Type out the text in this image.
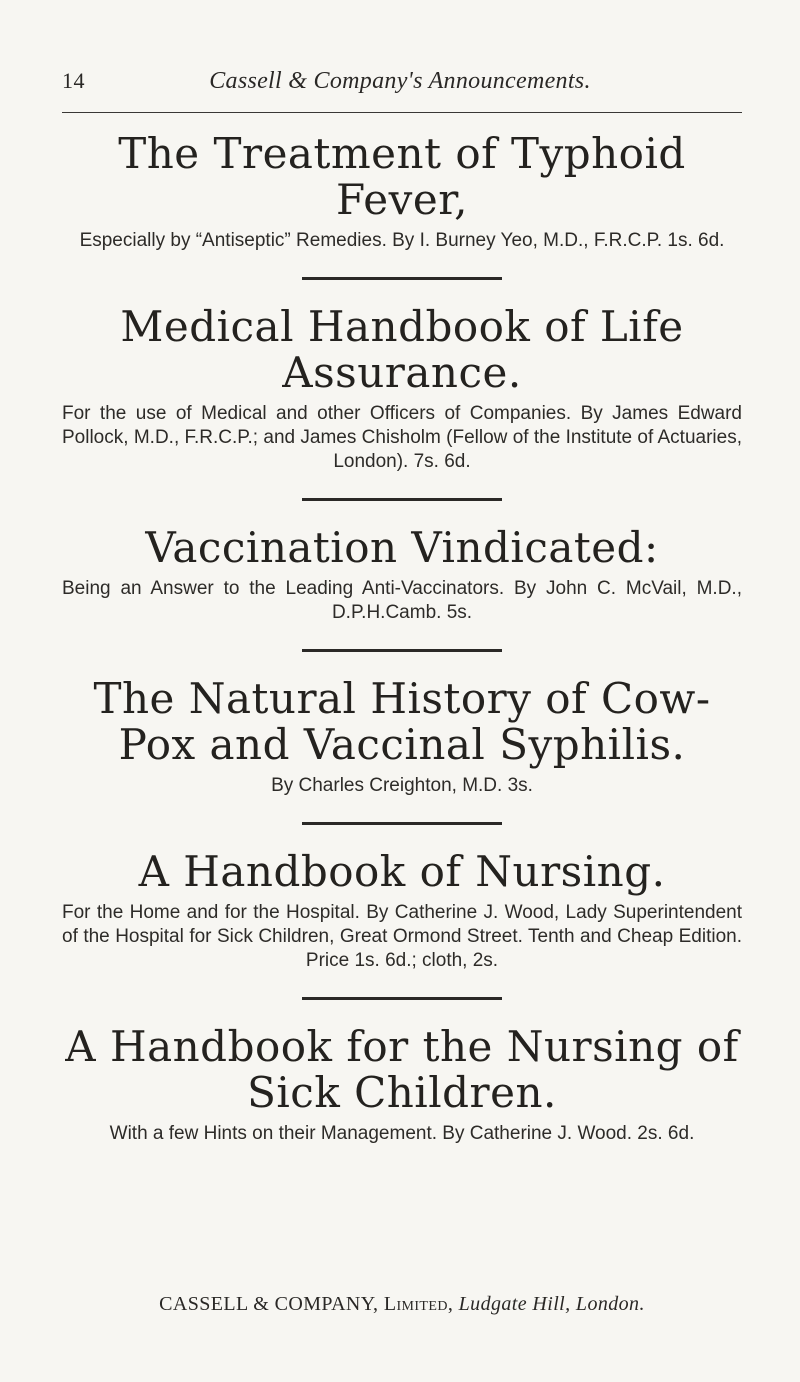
14	Cassell & Company's Announcements.
The Treatment of Typhoid Fever,

Especially by “Antiseptic” Remedies. By I. Burney Yeo, M.D., F.R.C.P. 1s. 6d.

Medical Handbook of Life Assurance.

For the use of Medical and other Officers of Companies. By James Edward Pollock, M.D., F.R.C.P.; and James Chisholm (Fellow of the Institute of Actuaries, London). 7s. 6d.

Vaccination Vindicated:

Being an Answer to the Leading Anti-Vaccinators. By John C. McVail, M.D., D.P.H.Camb. 5s.

The Natural History of Cow-Pox and Vaccinal Syphilis.

By Charles Creighton, M.D. 3s.

A Handbook of Nursing.

For the Home and for the Hospital. By Catherine J. Wood, Lady Superintendent of the Hospital for Sick Children, Great Ormond Street. Tenth and Cheap Edition. Price 1s. 6d.; cloth, 2s.

A Handbook for the Nursing of Sick Children.

With a few Hints on their Management. By Catherine J. Wood. 2s. 6d.

CASSELL & COMPANY, Limited, Ludgate Hill, London.
